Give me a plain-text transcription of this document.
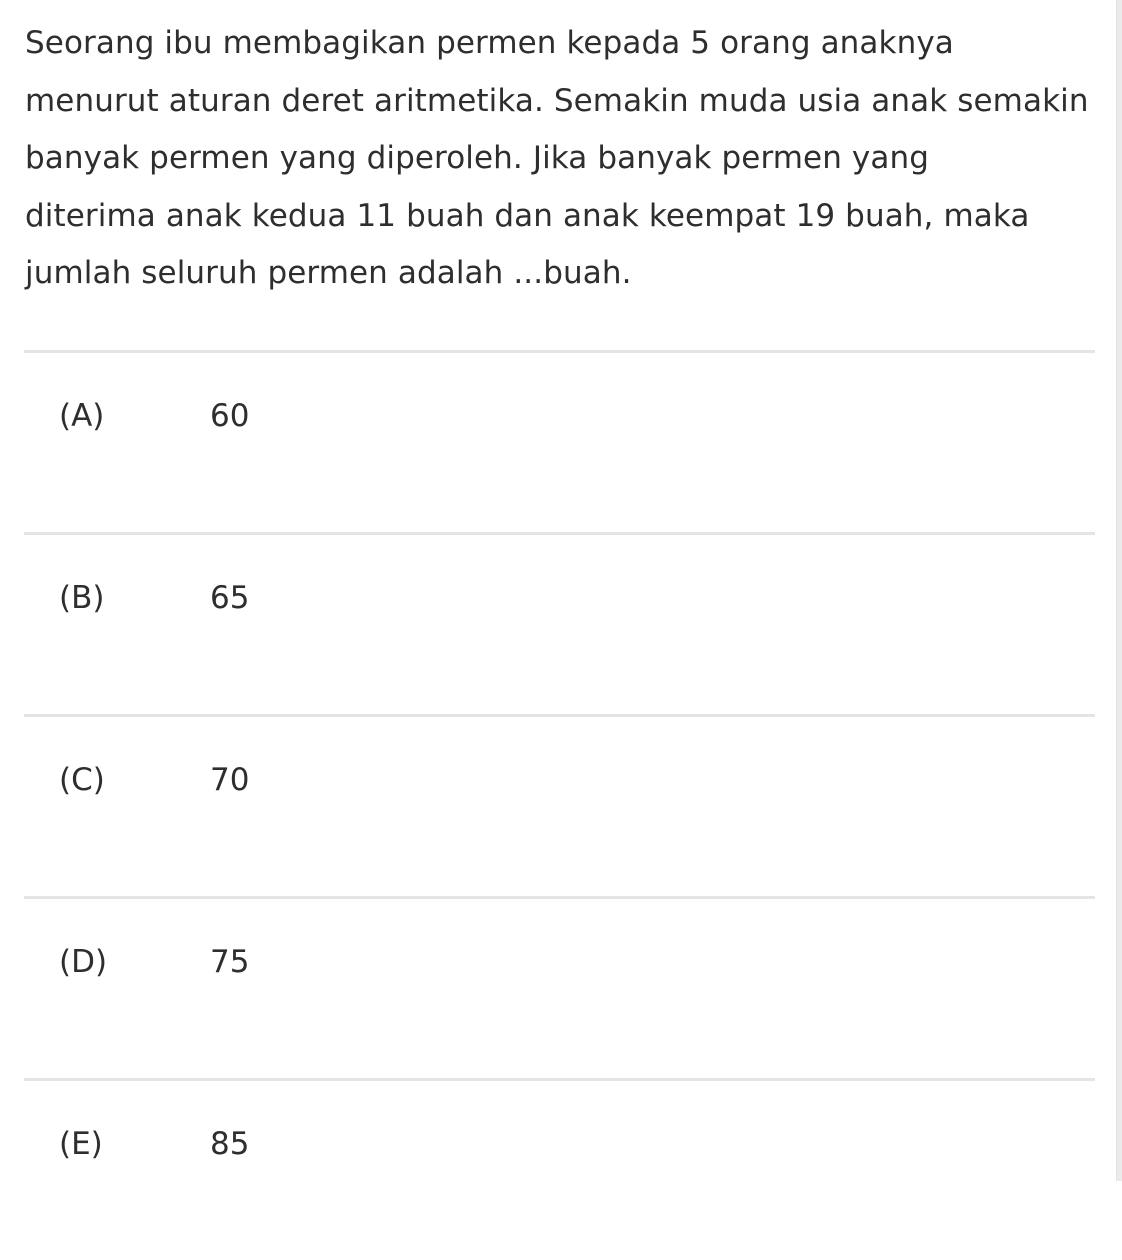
Seorang ibu membagikan permen kepada 5 orang anaknya
menurut aturan deret aritmetika. Semakin muda usia anak semakin
banyak permen yang diperoleh. Jika banyak permen yang
diterima anak kedua 11 buah dan anak keempat 19 buah, maka
jumlah seluruh permen adalah ...buah.
(A)	60
(B)	65
(C)	70
(D)	75
(E)	85
